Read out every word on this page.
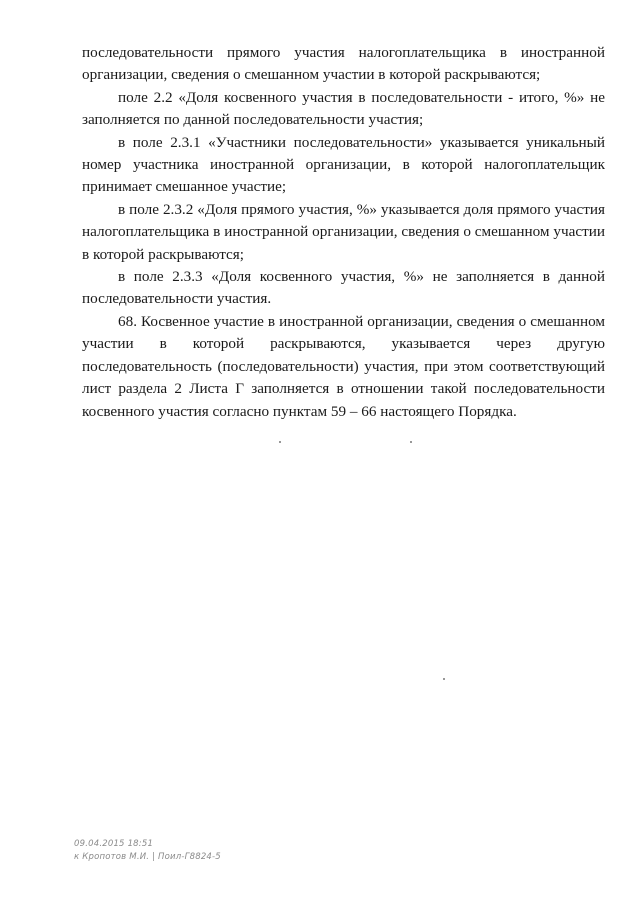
последовательности прямого участия налогоплательщика в иностранной организации, сведения о смешанном участии в которой раскрываются;

поле 2.2 «Доля косвенного участия в последовательности - итого, %» не заполняется по данной последовательности участия;

в поле 2.3.1 «Участники последовательности» указывается уникальный номер участника иностранной организации, в которой налогоплательщик принимает смешанное участие;

в поле 2.3.2 «Доля прямого участия, %» указывается доля прямого участия налогоплательщика в иностранной организации, сведения о смешанном участии в которой раскрываются;

в поле 2.3.3 «Доля косвенного участия, %» не заполняется в данной последовательности участия.

68. Косвенное участие в иностранной организации, сведения о смешанном участии в которой раскрываются, указывается через другую последовательность (последовательности) участия, при этом соответствующий лист раздела 2 Листа Г заполняется в отношении такой последовательности косвенного участия согласно пунктам 59 – 66 настоящего Порядка.

09.04.2015 18:51
к Кропотов М.И. | Поил-Г8824-5
